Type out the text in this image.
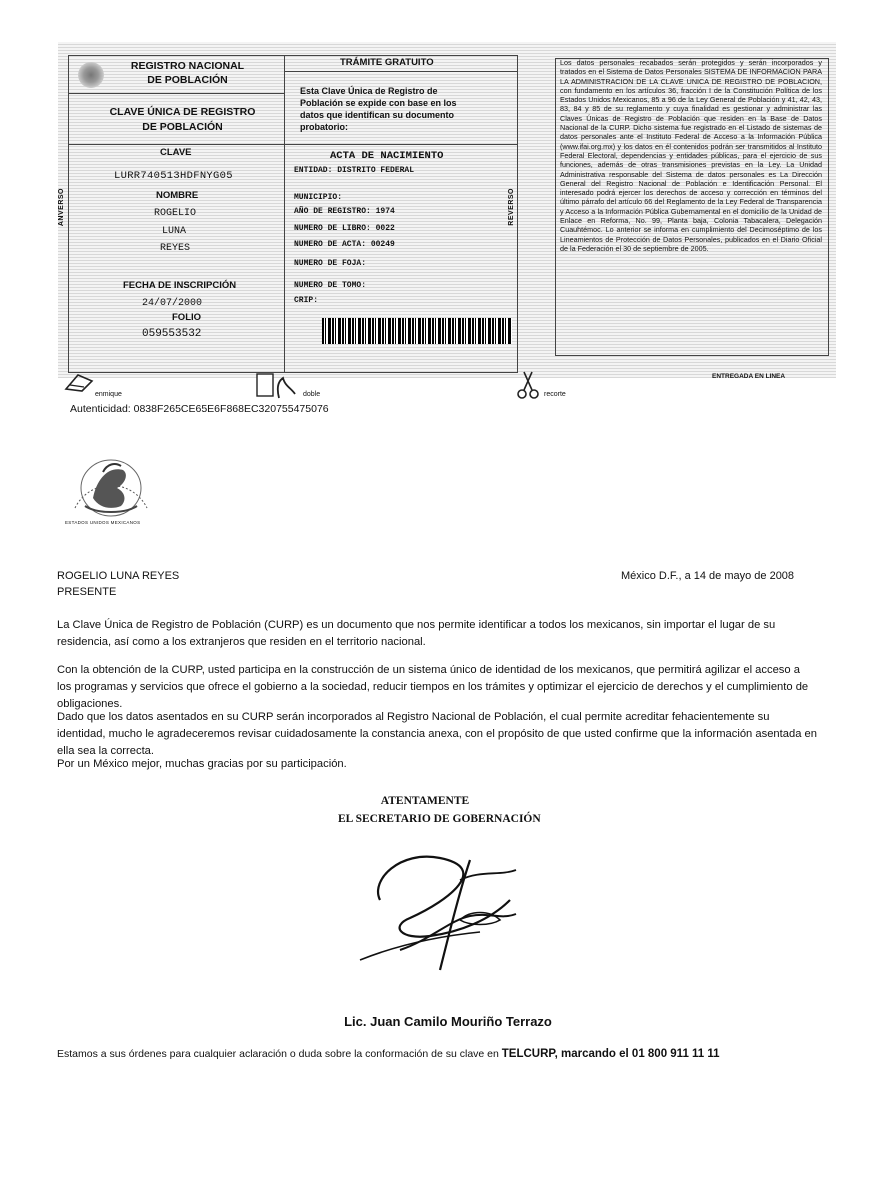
REGISTRO NACIONAL
DE POBLACIÓN
CLAVE ÚNICA DE REGISTRO
DE POBLACIÓN
CLAVE
LURR740513HDFNYG05
NOMBRE
ROGELIO
LUNA
REYES
FECHA DE INSCRIPCIÓN
24/07/2000
FOLIO
059553532
TRÁMITE GRATUITO
Esta Clave Única de Registro de Población se expide con base en los datos que identifican su documento probatorio:
ACTA DE NACIMIENTO
ENTIDAD: DISTRITO FEDERAL
MUNICIPIO:
AÑO DE REGISTRO: 1974
NUMERO DE LIBRO: 0022
NUMERO DE ACTA: 00249
NUMERO DE FOJA:
NUMERO DE TOMO:
CRIP:
ANVERSO	REVERSO
Los datos personales recabados serán protegidos y serán incorporados y tratados en el Sistema de Datos Personales SISTEMA DE INFORMACION PARA LA ADMINISTRACION DE LA CLAVE UNICA DE REGISTRO DE POBLACION, con fundamento en los artículos 36, fracción I de la Constitución Política de los Estados Unidos Mexicanos, 85 a 96 de la Ley General de Población y 41, 42, 43, 83, 84 y 85 de su reglamento y cuya finalidad es gestionar y administrar las Claves Únicas de Registro de Población que residen en la Base de Datos Nacional de la CURP. Dicho sistema fue registrado en el Listado de sistemas de datos personales ante el Instituto Federal de Acceso a la Información Pública (www.ifai.org.mx) y los datos en él contenidos podrán ser transmitidos al Instituto Federal Electoral, dependencias y entidades públicas, para el ejercicio de sus funciones, además de otras transmisiones previstas en la Ley. La Unidad Administrativa responsable del Sistema de datos personales es La Dirección General del Registro Nacional de Población e Identificación Personal. El interesado podrá ejercer los derechos de acceso y corrección en términos del último párrafo del artículo 66 del Reglamento de la Ley Federal de Transparencia y Acceso a la Información Pública Gubernamental en el domicilio de la Unidad de Enlace en Reforma, No. 99, Planta baja, Colonia Tabacalera, Delegación Cuauhtémoc. Lo anterior se informa en cumplimiento del Decimoséptimo de los Lineamientos de Protección de Datos Personales, publicados en el Diario Oficial de la Federación el 30 de septiembre de 2005.
ENTREGADA EN LINEA
enmique	doble	recorte
Autenticidad: 0838F265CE65E6F868EC320755475076
ESTADOS UNIDOS MEXICANOS
ROGELIO LUNA REYES
PRESENTE
México D.F., a 14 de mayo de 2008
La Clave Única de Registro de Población (CURP) es un documento que nos permite identificar a todos los mexicanos, sin importar el lugar de su residencia, así como a los extranjeros que residen en el territorio nacional.
Con la obtención de la CURP, usted participa en la construcción de un sistema único de identidad de los mexicanos, que permitirá agilizar el acceso a los programas y servicios que ofrece el gobierno a la sociedad, reducir tiempos en los trámites y optimizar el ejercicio de derechos y el cumplimiento de obligaciones.
Dado que los datos asentados en su CURP serán incorporados al Registro Nacional de Población, el cual permite acreditar fehacientemente su identidad, mucho le agradeceremos revisar cuidadosamente la constancia anexa, con el propósito de que usted confirme que la información asentada en ella sea la correcta.
Por un México mejor, muchas gracias por su participación.
ATENTAMENTE
EL SECRETARIO DE GOBERNACIÓN
Lic. Juan Camilo Mouriño Terrazo
Estamos a sus órdenes para cualquier aclaración o duda sobre la conformación de su clave en TELCURP, marcando el 01 800 911 11 11
